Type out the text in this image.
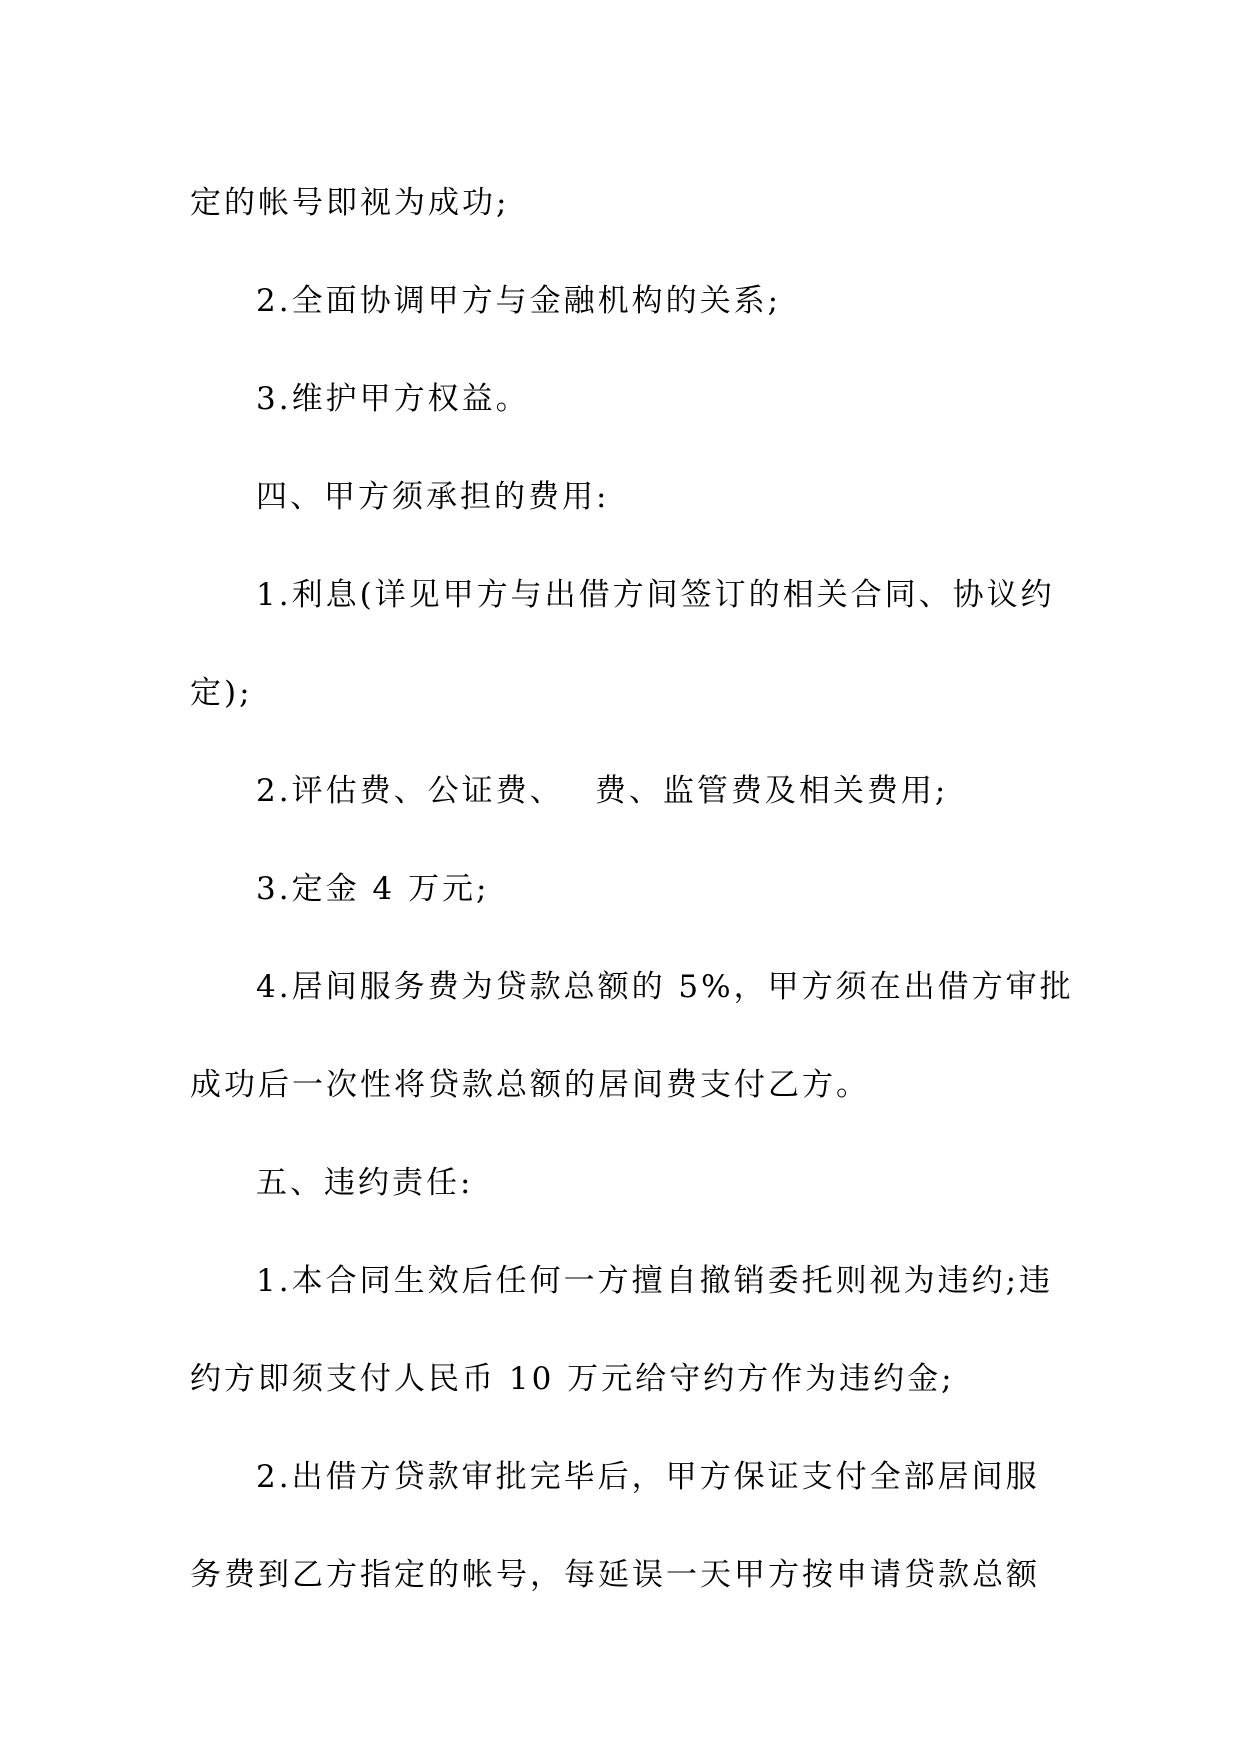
定的帐号即视为成功;
2.全面协调甲方与金融机构的关系;
3.维护甲方权益。
四、甲方须承担的费用:
1.利息(详见甲方与出借方间签订的相关合同、协议约
定);
2.评估费、公证费、　 费、监管费及相关费用;
3.定金 4 万元;
4.居间服务费为贷款总额的 5%，甲方须在出借方审批
成功后一次性将贷款总额的居间费支付乙方。
五、违约责任:
1.本合同生效后任何一方擅自撤销委托则视为违约;违
约方即须支付人民币 10 万元给守约方作为违约金;
2.出借方贷款审批完毕后，甲方保证支付全部居间服
务费到乙方指定的帐号，每延误一天甲方按申请贷款总额
